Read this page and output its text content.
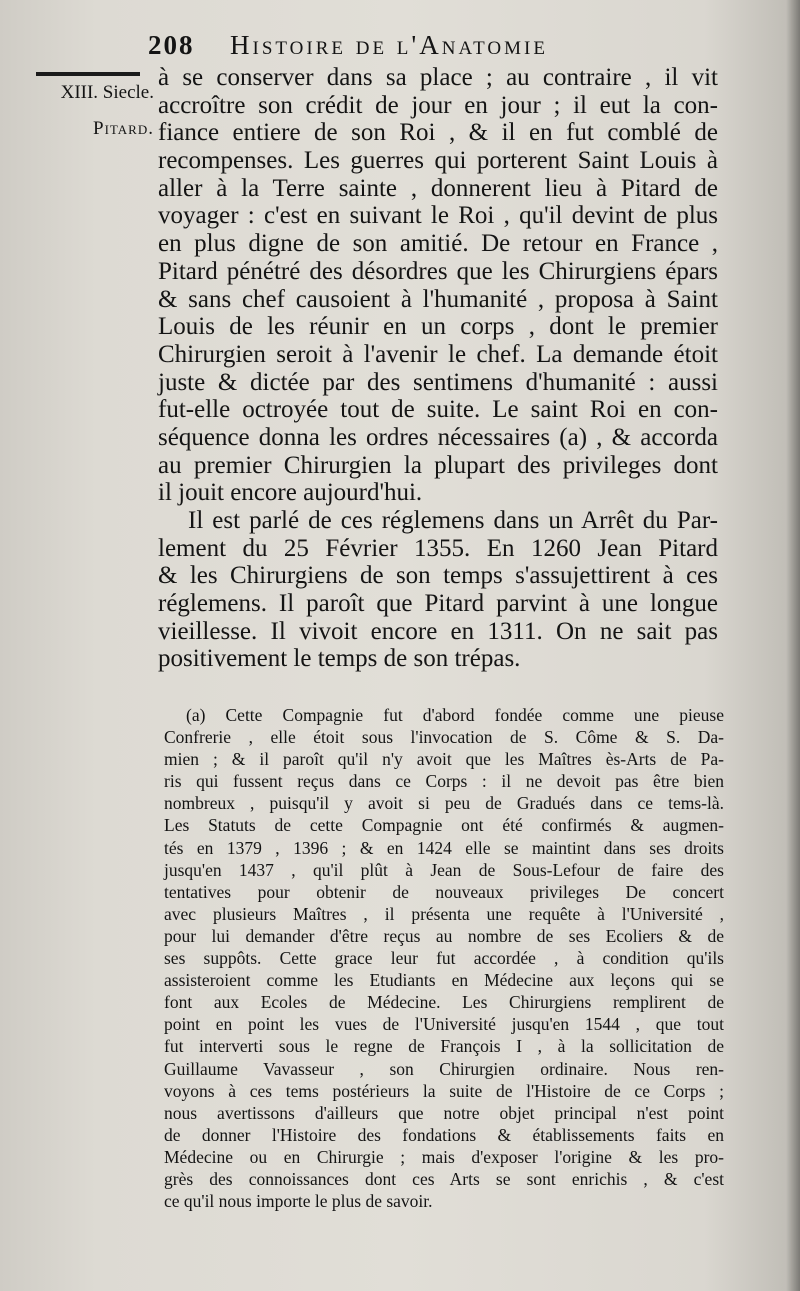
208 Histoire de l'Anatomie
XIII. Siecle.
Pitard.
à se conserver dans sa place ; au contraire , il vit
accroître son crédit de jour en jour ; il eut la con-
fiance entiere de son Roi , & il en fut comblé de
recompenses. Les guerres qui porterent Saint Louis à
aller à la Terre sainte , donnerent lieu à Pitard de
voyager : c'est en suivant le Roi , qu'il devint de plus
en plus digne de son amitié. De retour en France ,
Pitard pénétré des désordres que les Chirurgiens épars
& sans chef causoient à l'humanité , proposa à Saint
Louis de les réunir en un corps , dont le premier
Chirurgien seroit à l'avenir le chef. La demande étoit
juste & dictée par des sentimens d'humanité : aussi
fut-elle octroyée tout de suite. Le saint Roi en con-
séquence donna les ordres nécessaires (a) , & accorda
au premier Chirurgien la plupart des privileges dont
il jouit encore aujourd'hui.
Il est parlé de ces réglemens dans un Arrêt du Par-
lement du 25 Février 1355. En 1260 Jean Pitard
& les Chirurgiens de son temps s'assujettirent à ces
réglemens. Il paroît que Pitard parvint à une longue
vieillesse. Il vivoit encore en 1311. On ne sait pas
positivement le temps de son trépas.
(a) Cette Compagnie fut d'abord fondée comme une pieuse
Confrerie , elle étoit sous l'invocation de S. Côme & S. Da-
mien ; & il paroît qu'il n'y avoit que les Maîtres ès-Arts de Pa-
ris qui fussent reçus dans ce Corps : il ne devoit pas être bien
nombreux , puisqu'il y avoit si peu de Gradués dans ce tems-là.
Les Statuts de cette Compagnie ont été confirmés & augmen-
tés en 1379 , 1396 ; & en 1424 elle se maintint dans ses droits
jusqu'en 1437 , qu'il plût à Jean de Sous-Lefour de faire des
tentatives pour obtenir de nouveaux privileges De concert
avec plusieurs Maîtres , il présenta une requête à l'Université ,
pour lui demander d'être reçus au nombre de ses Ecoliers & de
ses suppôts. Cette grace leur fut accordée , à condition qu'ils
assisteroient comme les Etudiants en Médecine aux leçons qui se
font aux Ecoles de Médecine. Les Chirurgiens remplirent de
point en point les vues de l'Université jusqu'en 1544 , que tout
fut interverti sous le regne de François I , à la sollicitation de
Guillaume Vavasseur , son Chirurgien ordinaire. Nous ren-
voyons à ces tems postérieurs la suite de l'Histoire de ce Corps ;
nous avertissons d'ailleurs que notre objet principal n'est point
de donner l'Histoire des fondations & établissements faits en
Médecine ou en Chirurgie ; mais d'exposer l'origine & les pro-
grès des connoissances dont ces Arts se sont enrichis , & c'est
ce qu'il nous importe le plus de savoir.
